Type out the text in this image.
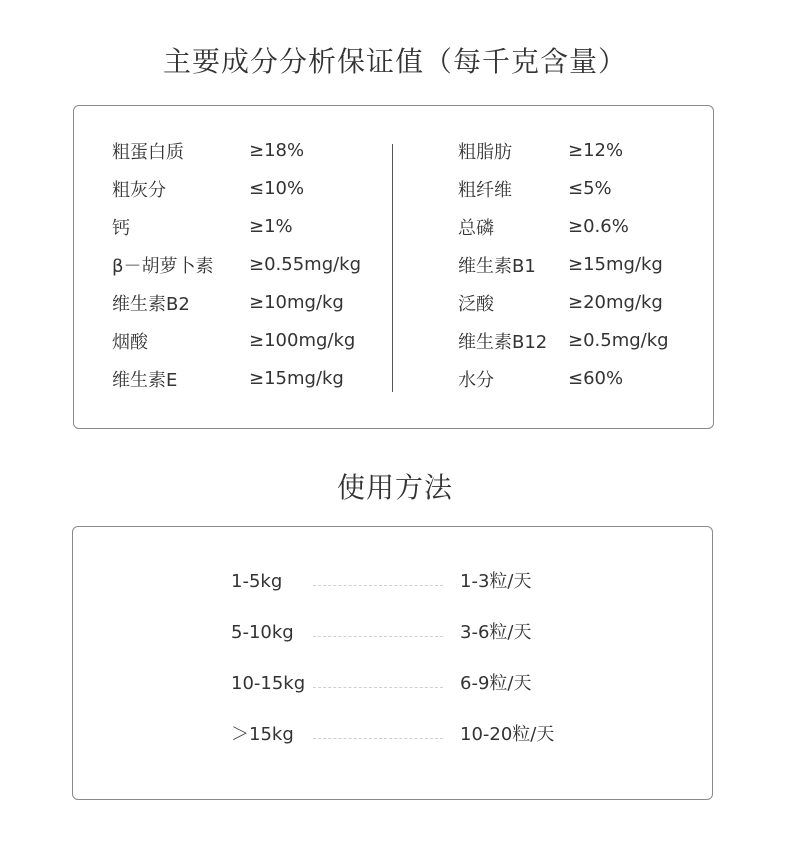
主要成分分析保证值（每千克含量）
粗蛋白质	≥18%
粗灰分	≤10%
钙	≥1%
β－胡萝卜素 ≥0.55mg/kg
维生素B2	≥10mg/kg
烟酸	≥100mg/kg
维生素E	≥15mg/kg
粗脂肪	≥12%
粗纤维	≤5%
总磷	≥0.6%
维生素B1 ≥15mg/kg
泛酸	≥20mg/kg
维生素B12 ≥0.5mg/kg
水分	≤60%
使用方法
1-5kg	1-3粒/天
5-10kg	3-6粒/天
10-15kg	6-9粒/天
＞15kg	10-20粒/天
